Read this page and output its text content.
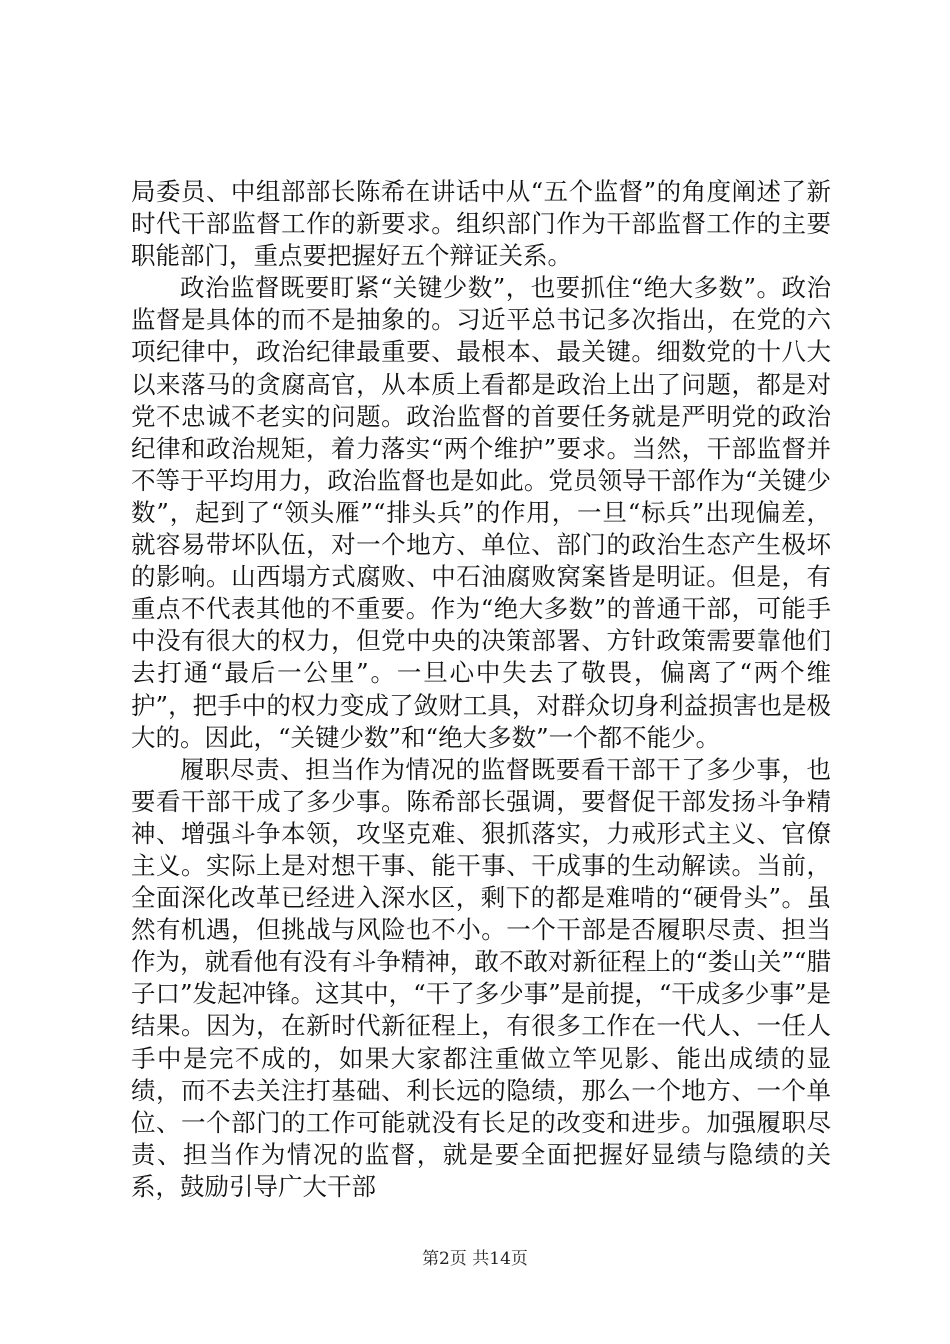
局委员、中组部部长陈希在讲话中从“五个监督”的角度阐述了新时代干部监督工作的新要求。组织部门作为干部监督工作的主要职能部门，重点要把握好五个辩证关系。

政治监督既要盯紧“关键少数”，也要抓住“绝大多数”。政治监督是具体的而不是抽象的。习近平总书记多次指出，在党的六项纪律中，政治纪律最重要、最根本、最关键。细数党的十八大以来落马的贪腐高官，从本质上看都是政治上出了问题，都是对党不忠诚不老实的问题。政治监督的首要任务就是严明党的政治纪律和政治规矩，着力落实“两个维护”要求。当然，干部监督并不等于平均用力，政治监督也是如此。党员领导干部作为“关键少数”，起到了“领头雁”“排头兵”的作用，一旦“标兵”出现偏差，就容易带坏队伍，对一个地方、单位、部门的政治生态产生极坏的影响。山西塌方式腐败、中石油腐败窝案皆是明证。但是，有重点不代表其他的不重要。作为“绝大多数”的普通干部，可能手中没有很大的权力，但党中央的决策部署、方针政策需要靠他们去打通“最后一公里”。一旦心中失去了敬畏，偏离了“两个维护”，把手中的权力变成了敛财工具，对群众切身利益损害也是极大的。因此，“关键少数”和“绝大多数”一个都不能少。

履职尽责、担当作为情况的监督既要看干部干了多少事，也要看干部干成了多少事。陈希部长强调，要督促干部发扬斗争精神、增强斗争本领，攻坚克难、狠抓落实，力戒形式主义、官僚主义。实际上是对想干事、能干事、干成事的生动解读。当前，全面深化改革已经进入深水区，剩下的都是难啃的“硬骨头”。虽然有机遇，但挑战与风险也不小。一个干部是否履职尽责、担当作为，就看他有没有斗争精神，敢不敢对新征程上的“娄山关”“腊子口”发起冲锋。这其中，“干了多少事”是前提，“干成多少事”是结果。因为，在新时代新征程上，有很多工作在一代人、一任人手中是完不成的，如果大家都注重做立竿见影、能出成绩的显绩，而不去关注打基础、利长远的隐绩，那么一个地方、一个单位、一个部门的工作可能就没有长足的改变和进步。加强履职尽责、担当作为情况的监督，就是要全面把握好显绩与隐绩的关系，鼓励引导广大干部

第2页 共14页
